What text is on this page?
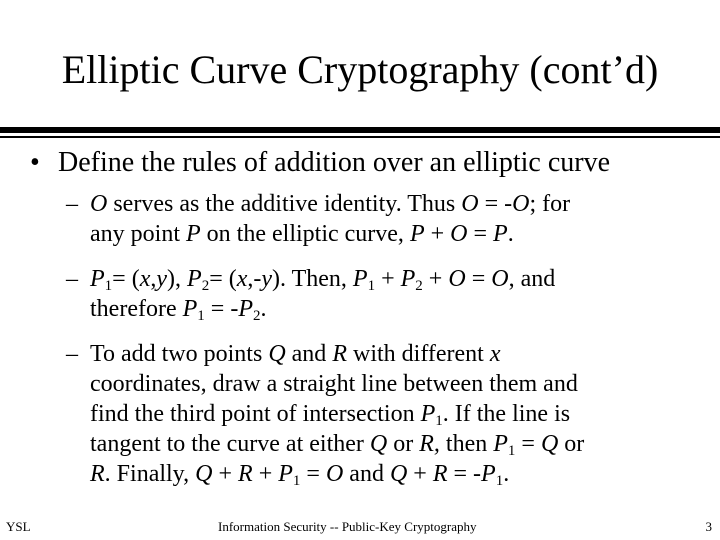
Elliptic Curve Cryptography (cont’d)
• Define the rules of addition over an elliptic curve
– O serves as the additive identity. Thus O = -O; for
any point P on the elliptic curve, P + O = P.
– $P_1= (x,y)$, $P_2= (x,-y)$. Then, $P_1 + P_2 + O = O$, and
therefore $P_1 = -P_2$.
– To add two points Q and R with different x
coordinates, draw a straight line between them and
find the third point of intersection $P_1$. If the line is
tangent to the curve at either Q or R, then $P_1 = Q$ or
R. Finally, $Q + R + P_1 = O$ and $Q + R = -P_1$.
YSL	Information Security -- Public-Key Cryptography	3
